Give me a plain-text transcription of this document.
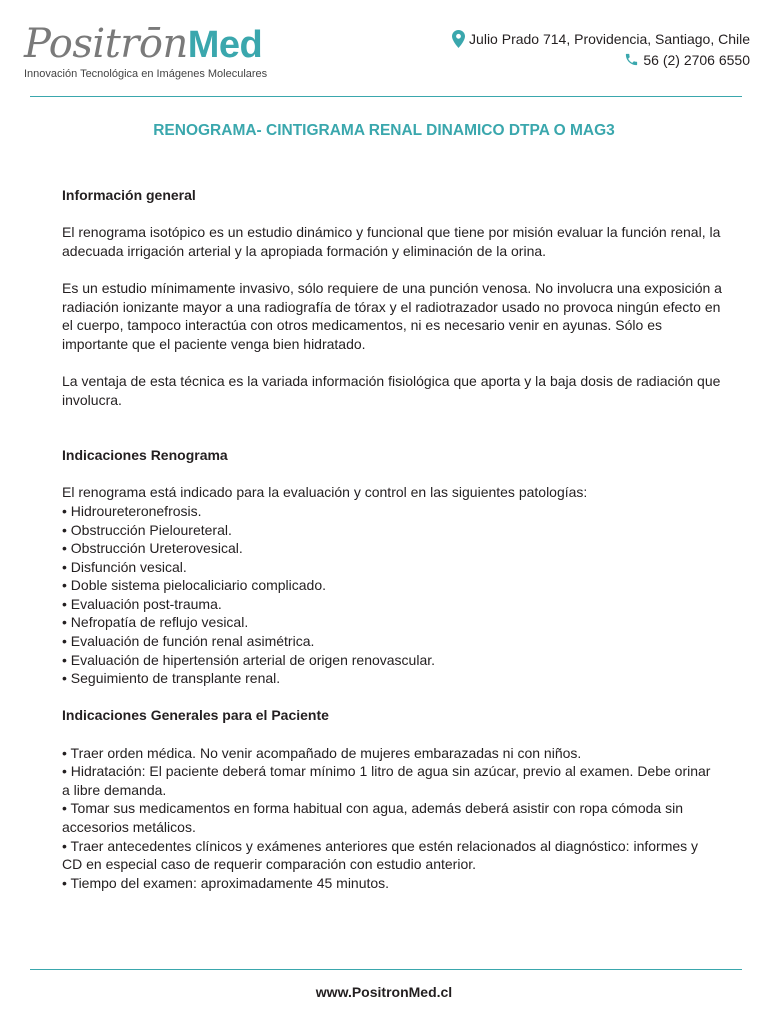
PositrōnMed
Innovación Tecnológica en Imágenes Moleculares
Julio Prado 714, Providencia, Santiago, Chile
56 (2) 2706 6550
RENOGRAMA- CINTIGRAMA RENAL DINAMICO DTPA O MAG3

Información general

El renograma isotópico es un estudio dinámico y funcional que tiene por misión evaluar la función renal, la adecuada irrigación arterial y la apropiada formación y eliminación de la orina.

Es un estudio mínimamente invasivo, sólo requiere de una punción venosa. No involucra una exposición a radiación ionizante mayor a una radiografía de tórax y el radiotrazador usado no provoca ningún efecto en el cuerpo, tampoco interactúa con otros medicamentos, ni es necesario venir en ayunas. Sólo es importante que el paciente venga bien hidratado.

La ventaja de esta técnica es la variada información fisiológica que aporta y la baja dosis de radiación que involucra.

Indicaciones Renograma

El renograma está indicado para la evaluación y control en las siguientes patologías:

• Hidroureteronefrosis.

• Obstrucción Pieloureteral.

• Obstrucción Ureterovesical.

• Disfunción vesical.

• Doble sistema pielocaliciario complicado.

• Evaluación post-trauma.

• Nefropatía de reflujo vesical.

• Evaluación de función renal asimétrica.

• Evaluación de hipertensión arterial de origen renovascular.

• Seguimiento de transplante renal.

Indicaciones Generales para el Paciente

• Traer orden médica. No venir acompañado de mujeres embarazadas ni con niños.

• Hidratación: El paciente deberá tomar mínimo 1 litro de agua sin azúcar, previo al examen. Debe orinar a libre demanda.

• Tomar sus medicamentos en forma habitual con agua, además deberá asistir con ropa cómoda sin accesorios metálicos.

• Traer antecedentes clínicos y exámenes anteriores que estén relacionados al diagnóstico: informes y CD en especial caso de requerir comparación con estudio anterior.

• Tiempo del examen: aproximadamente 45 minutos.

www.PositronMed.cl
